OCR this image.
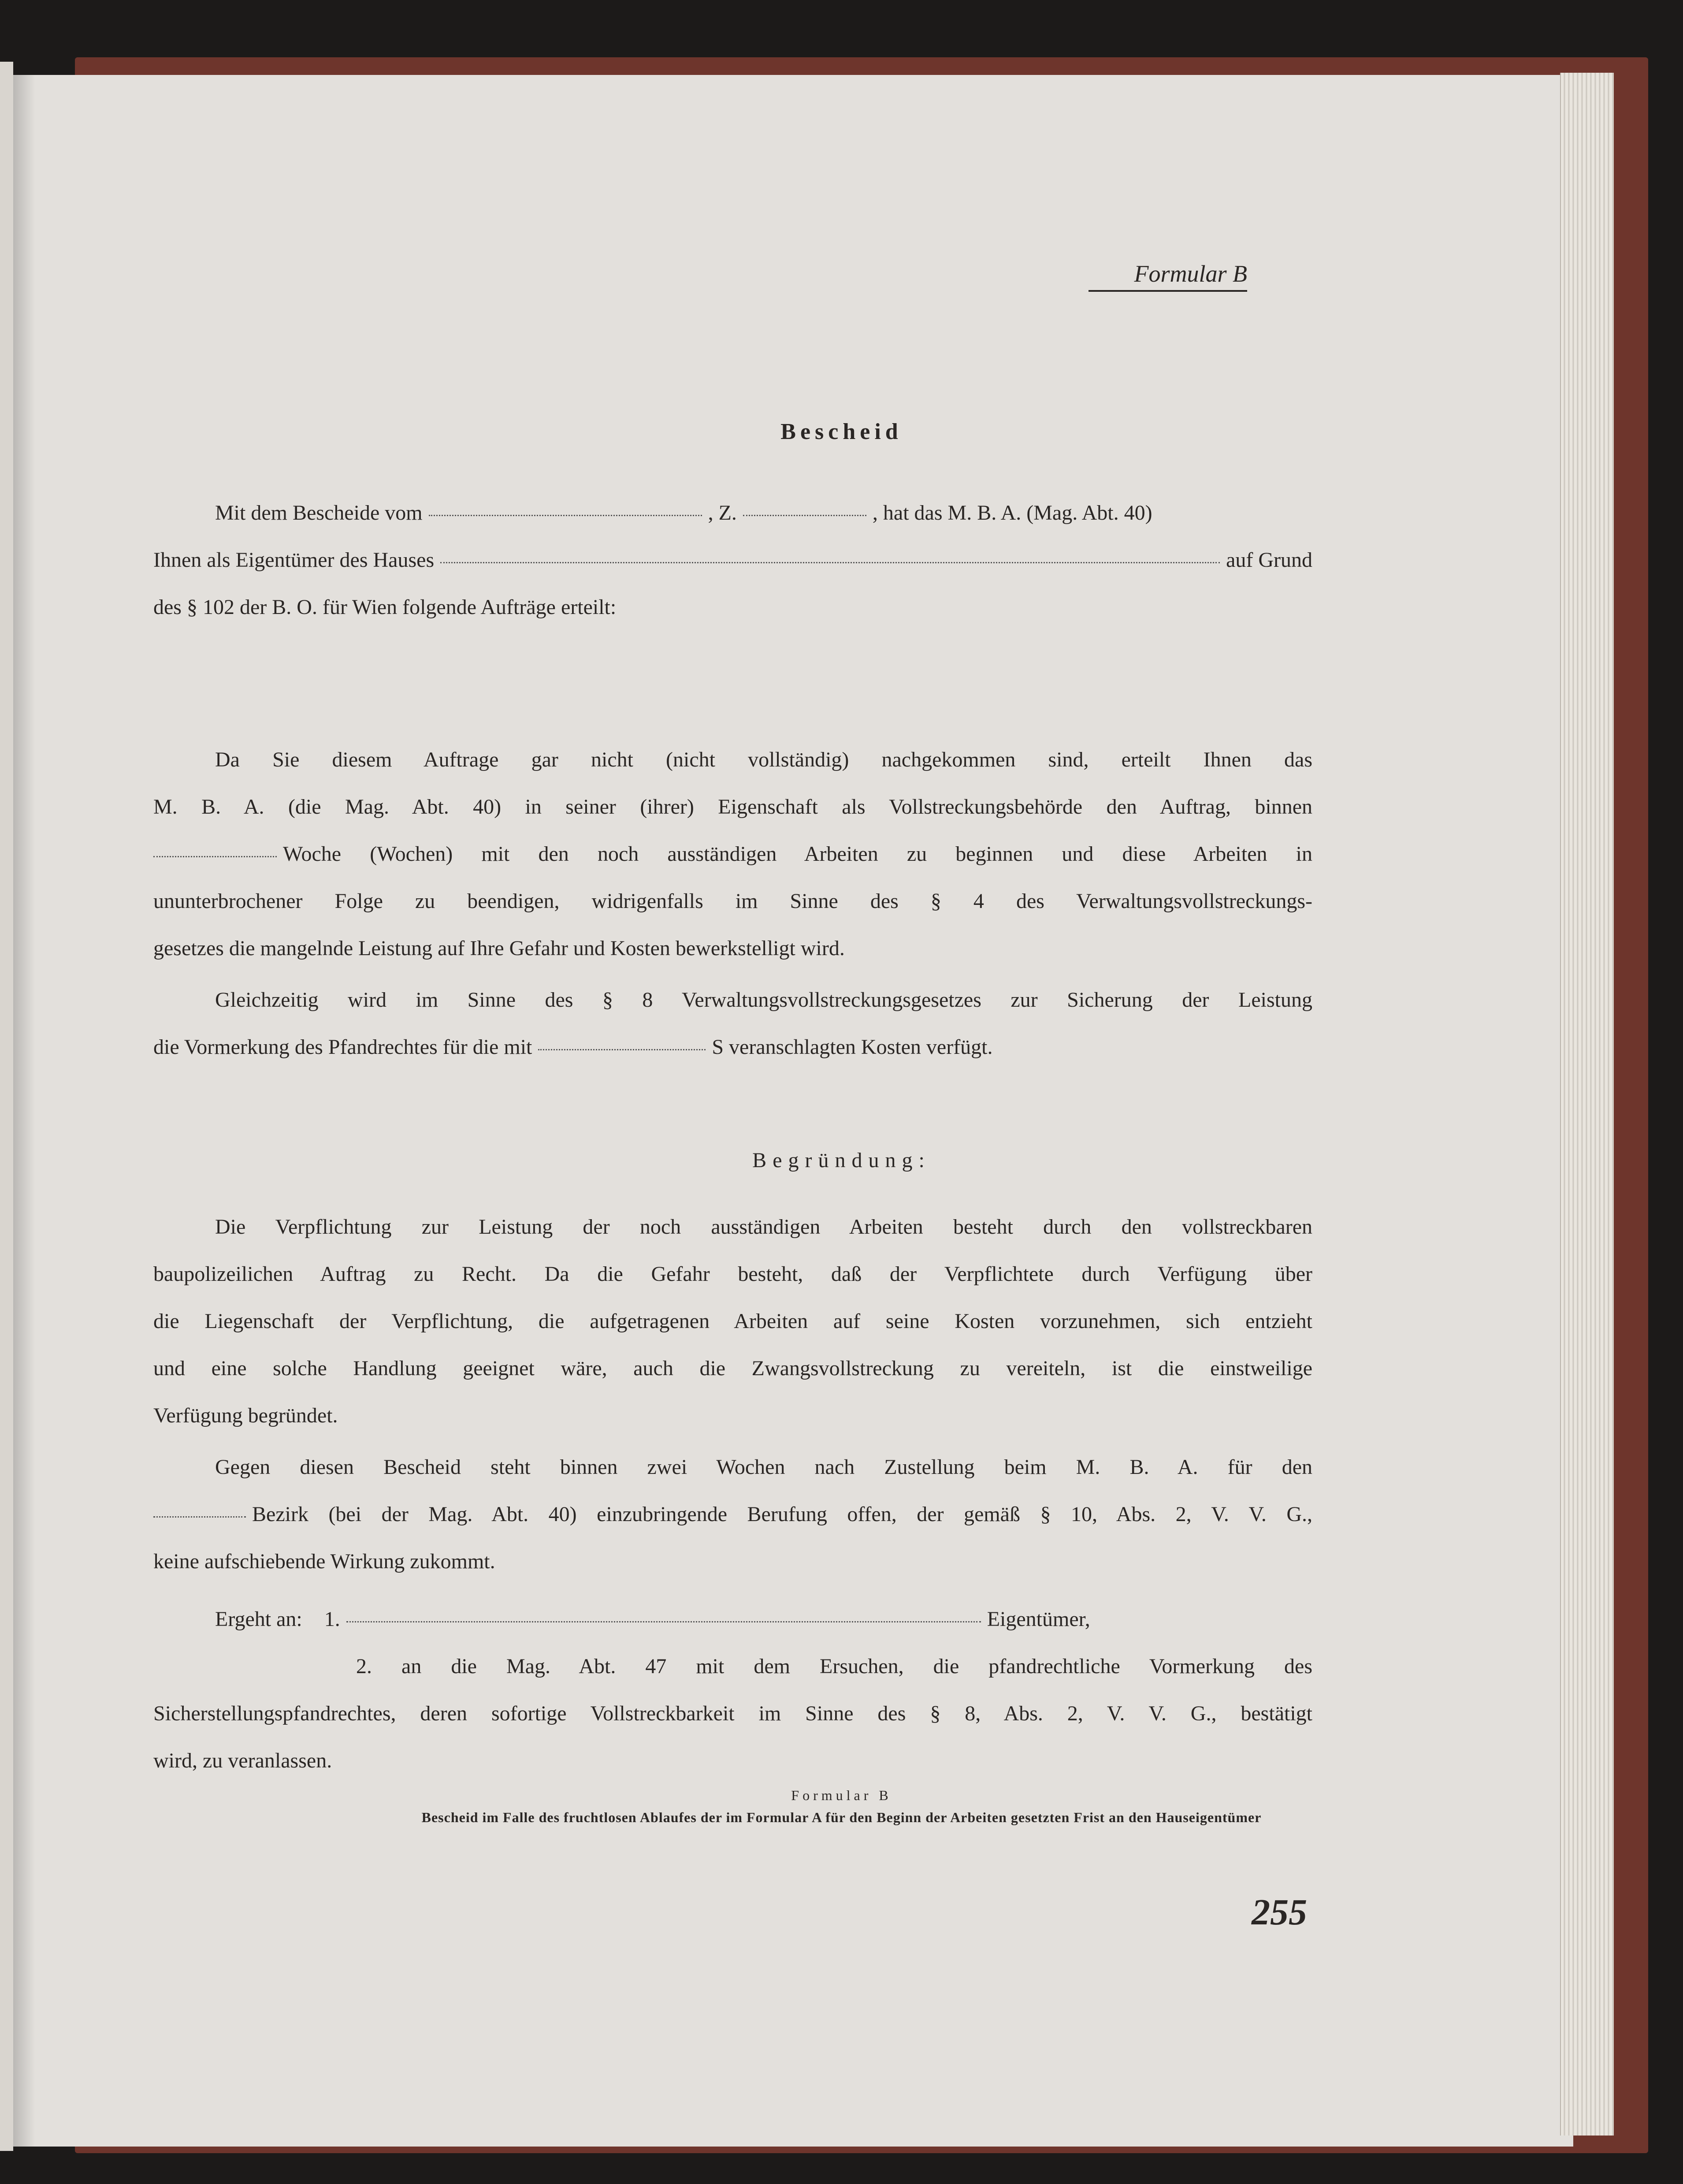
Formular B
Bescheid
Mit dem Bescheide vom	, Z.	, hat das M. B. A. (Mag. Abt. 40)
Ihnen als Eigentümer des Hauses	auf Grund
des § 102 der B. O. für Wien folgende Aufträge erteilt:
Da Sie diesem Auftrage gar nicht (nicht vollständig) nachgekommen sind, erteilt Ihnen das
M. B. A. (die Mag. Abt. 40) in seiner (ihrer) Eigenschaft als Vollstreckungsbehörde den Auftrag, binnen
Woche (Wochen) mit den noch ausständigen Arbeiten zu beginnen und diese Arbeiten in
ununterbrochener Folge zu beendigen, widrigenfalls im Sinne des § 4 des Verwaltungsvollstreckungs-
gesetzes die mangelnde Leistung auf Ihre Gefahr und Kosten bewerkstelligt wird.
Gleichzeitig wird im Sinne des § 8 Verwaltungsvollstreckungsgesetzes zur Sicherung der Leistung
die Vormerkung des Pfandrechtes für die mit	S veranschlagten Kosten verfügt.
Begründung:
Die Verpflichtung zur Leistung der noch ausständigen Arbeiten besteht durch den vollstreckbaren
baupolizeilichen Auftrag zu Recht. Da die Gefahr besteht, daß der Verpflichtete durch Verfügung über
die Liegenschaft der Verpflichtung, die aufgetragenen Arbeiten auf seine Kosten vorzunehmen, sich entzieht
und eine solche Handlung geeignet wäre, auch die Zwangsvollstreckung zu vereiteln, ist die einstweilige
Verfügung begründet.
Gegen diesen Bescheid steht binnen zwei Wochen nach Zustellung beim M. B. A. für den
Bezirk (bei der Mag. Abt. 40) einzubringende Berufung offen, der gemäß § 10, Abs. 2, V. V. G.,
keine aufschiebende Wirkung zukommt.
Ergeht an: 1.	Eigentümer,
2. an die Mag. Abt. 47 mit dem Ersuchen, die pfandrechtliche Vormerkung des
Sicherstellungspfandrechtes, deren sofortige Vollstreckbarkeit im Sinne des § 8, Abs. 2, V. V. G., bestätigt
wird, zu veranlassen.
Formular B
Bescheid im Falle des fruchtlosen Ablaufes der im Formular A für den Beginn der Arbeiten gesetzten Frist an den Hauseigentümer
255
